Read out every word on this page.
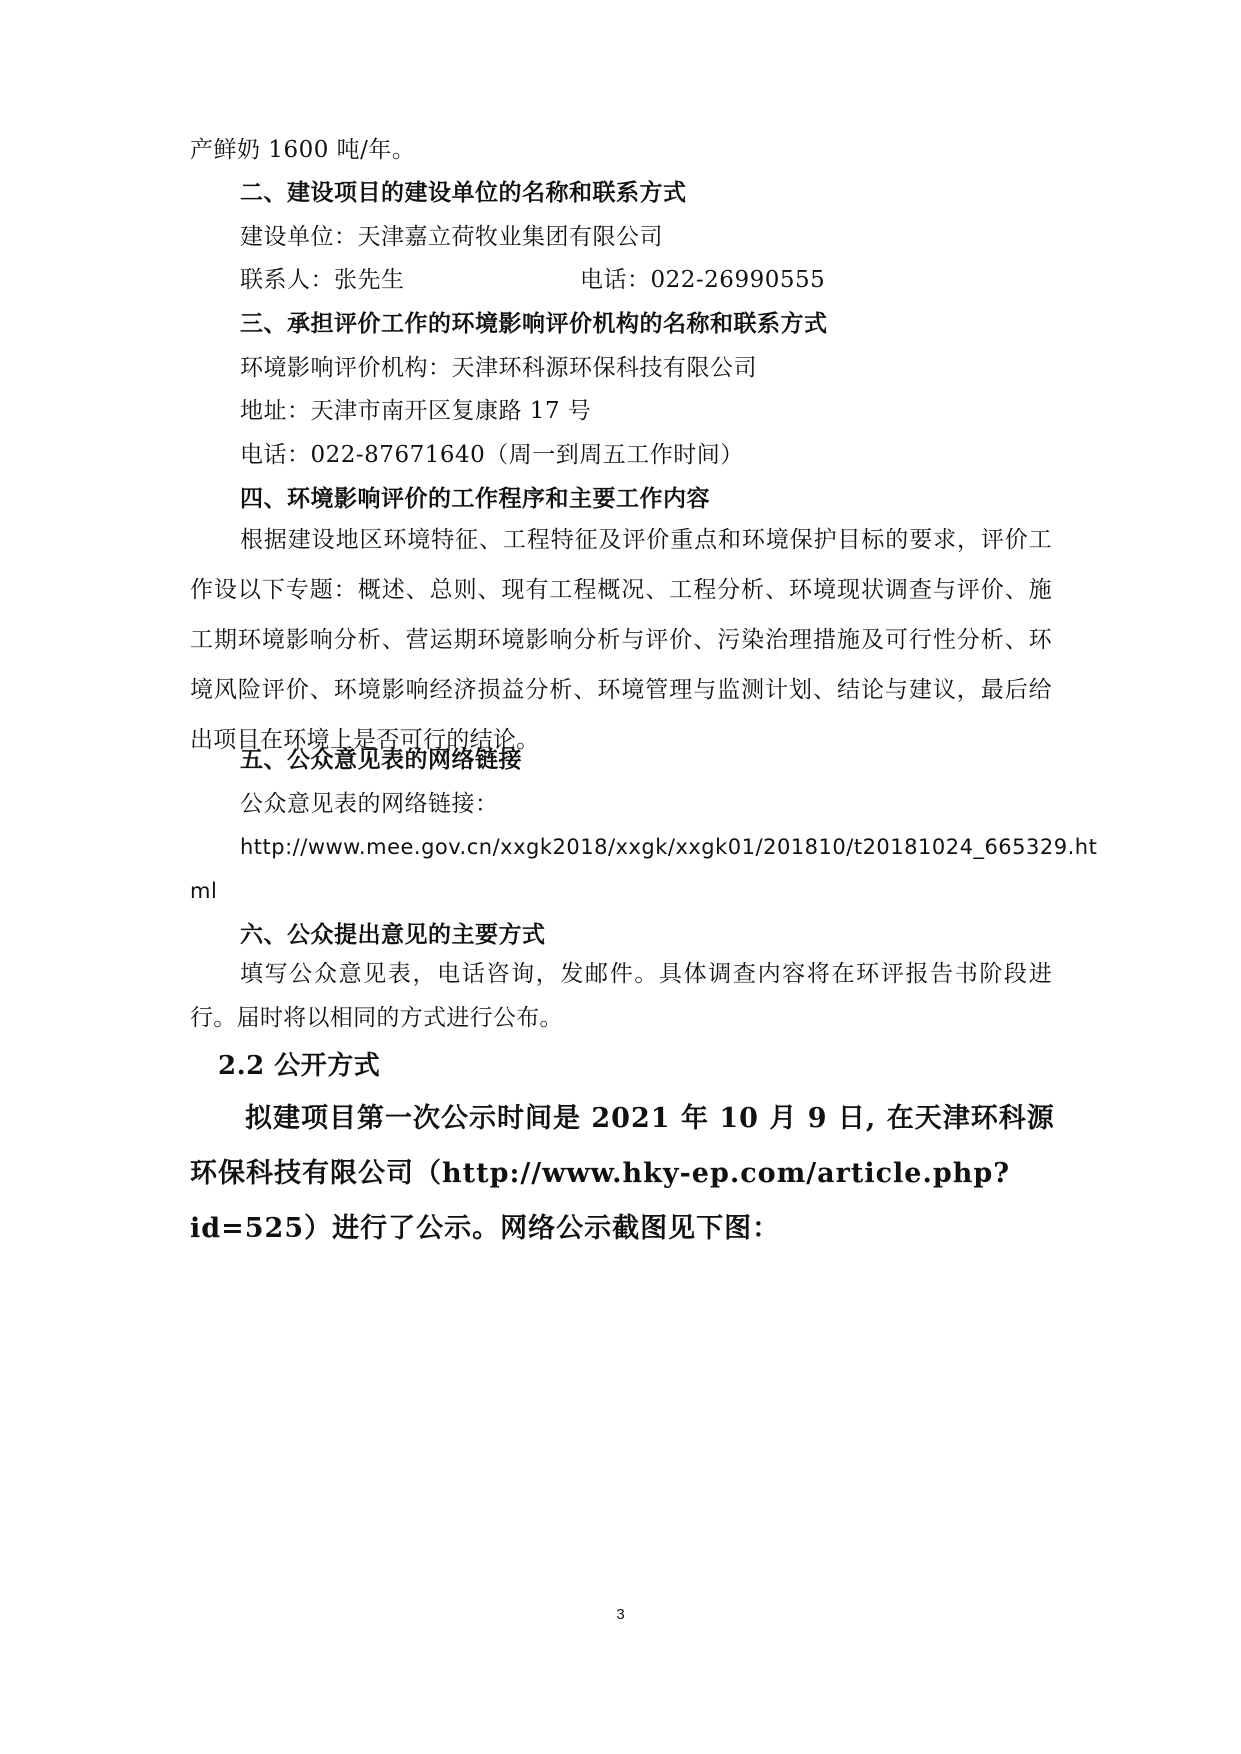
产鲜奶 1600 吨/年。
二、建设项目的建设单位的名称和联系方式
建设单位：天津嘉立荷牧业集团有限公司
联系人：张先生	电话：022-26990555
三、承担评价工作的环境影响评价机构的名称和联系方式
环境影响评价机构：天津环科源环保科技有限公司
地址：天津市南开区复康路 17 号
电话：022-87671640（周一到周五工作时间）
四、环境影响评价的工作程序和主要工作内容
根据建设地区环境特征、工程特征及评价重点和环境保护目标的要求，评价工作设以下专题：概述、总则、现有工程概况、工程分析、环境现状调查与评价、施工期环境影响分析、营运期环境影响分析与评价、污染治理措施及可行性分析、环境风险评价、环境影响经济损益分析、环境管理与监测计划、结论与建议，最后给出项目在环境上是否可行的结论。
五、公众意见表的网络链接
公众意见表的网络链接：
http://www.mee.gov.cn/xxgk2018/xxgk/xxgk01/201810/t20181024_665329.ht
ml
六、公众提出意见的主要方式
填写公众意见表，电话咨询，发邮件。具体调查内容将在环评报告书阶段进行。届时将以相同的方式进行公布。
2.2 公开方式
拟建项目第一次公示时间是 2021 年 10 月 9 日, 在天津环科源环保科技有限公司（http://www.hky-ep.com/article.php?id=525）进行了公示。网络公示截图见下图：
3
